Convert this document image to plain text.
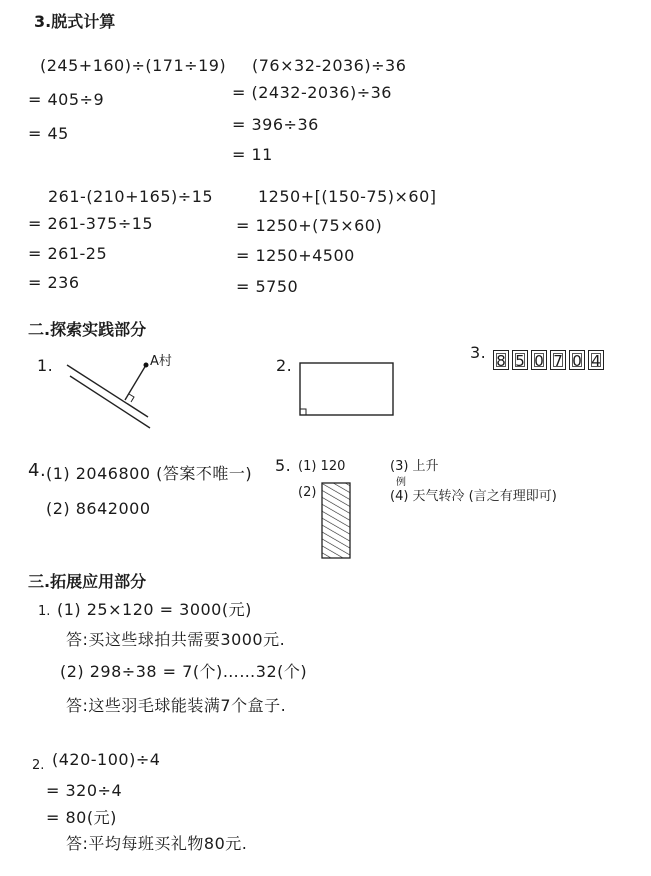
3.脱式计算
(245+160)÷(171÷19)
= 405÷9
= 45
(76×32-2036)÷36
= (2432-2036)÷36
= 396÷36
= 11
261-(210+165)÷15
= 261-375÷15
= 261-25
= 236
1250+[(150-75)×60]
= 1250+(75×60)
= 1250+4500
= 5750
二.探索实践部分
1.	A村	2.
3. 8 5 0 7 0 4
4. (1) 2046800 (答案不唯一)
(2) 8642000
5. (1) 120
(2)
(3) 上升
例
(4) 天气转冷 (言之有理即可)
三.拓展应用部分
1. (1) 25×120 = 3000(元)
答:买这些球拍共需要3000元.
(2) 298÷38 = 7(个)……32(个)
答:这些羽毛球能装满7个盒子.
2. (420-100)÷4
= 320÷4
= 80(元)
答:平均每班买礼物80元.
